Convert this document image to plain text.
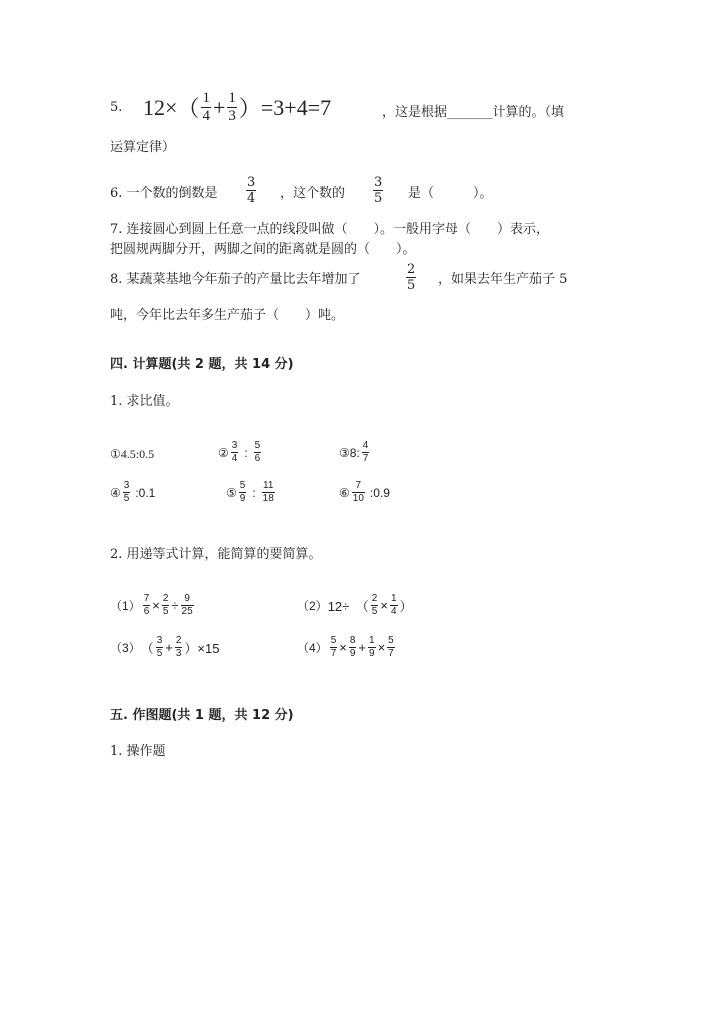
5. 12× （ $\frac{1}{4} + \frac{1}{3}$ ） =3+4=7	，这是根据_______计算的。（填
运算定律）
6. 一个数的倒数是 $\frac{3}{4}$ ，这个数的 $\frac{3}{5}$ 是（　　　）。
7. 连接圆心到圆上任意一点的线段叫做（　　）。一般用字母（　　）表示，
把圆规两脚分开，两脚之间的距离就是圆的（　　）。
8. 某蔬菜基地今年茄子的产量比去年增加了	$\frac{2}{5}$ ，如果去年生产茄子 5
吨，今年比去年多生产茄子（　　）吨。
四. 计算题(共 2 题，共 14 分)
1. 求比值。
①4.5:0.5	② $\frac{3}{4}$ : $\frac{5}{6}$	③8: $\frac{4}{7}$
④ $\frac{3}{5}$ :0.1	⑤ $\frac{5}{9}$ : $\frac{11}{18}$	⑥ $\frac{7}{10}$ :0.9
2. 用递等式计算，能简算的要简算。
$(1) \frac{7}{6} \times \frac{2}{5} \div \frac{9}{25}$	（2） 12÷　（ $\frac{2}{5} \times \frac{1}{4}$ ）
（3） （ $\frac{3}{5} + \frac{2}{3} )\times 15$	$(4) \frac{5}{7} \times \frac{8}{9} + \frac{1}{9} \times \frac{5}{7}$
五. 作图题(共 1 题，共 12 分)
1. 操作题
